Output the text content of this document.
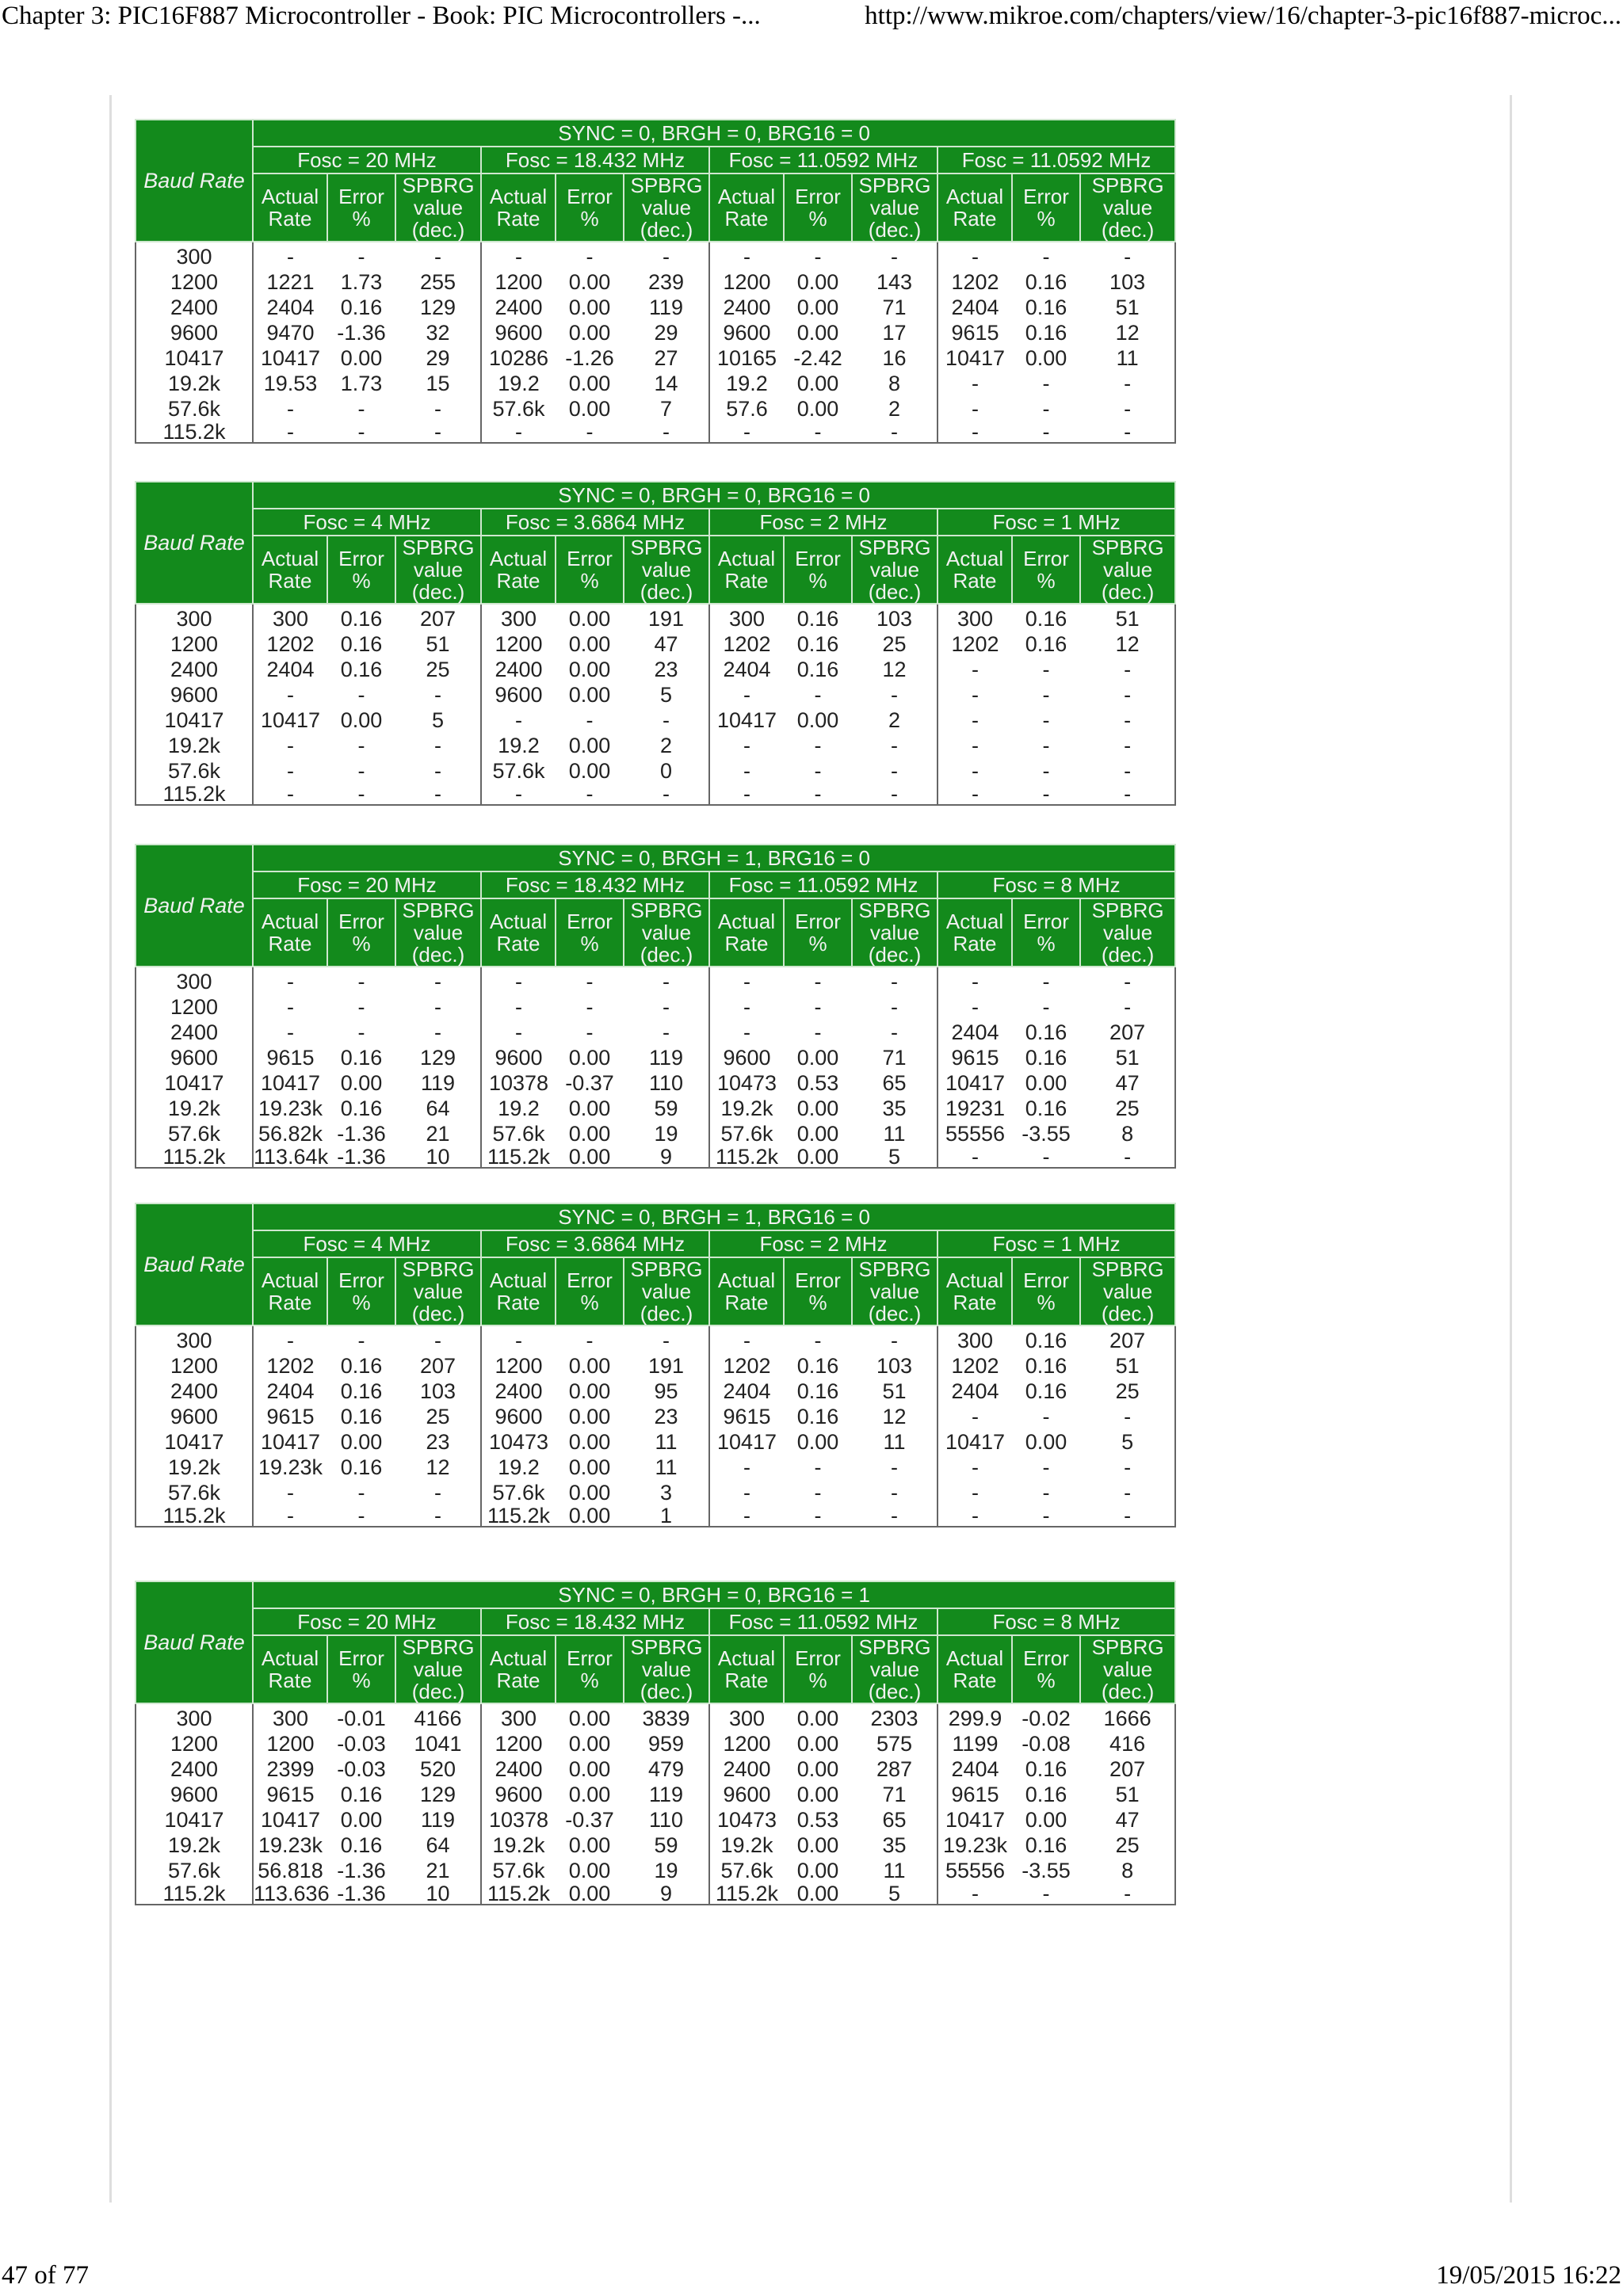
Chapter 3: PIC16F887 Microcontroller - Book: PIC Microcontrollers -...	http://www.mikroe.com/chapters/view/16/chapter-3-pic16f887-microc...
Baud Rate	SYNC = 0, BRGH = 0, BRG16 = 0											
	Fosc = 20 MHz			Fosc = 18.432 MHz			Fosc = 11.0592 MHz			Fosc = 11.0592 MHz		
	Actual
Rate	Error
%	SPBRG
value
(dec.)	Actual
Rate	Error
%	SPBRG
value
(dec.)	Actual
Rate	Error
%	SPBRG
value
(dec.)	Actual
Rate	Error
%	SPBRG
value
(dec.)
300	-	-	-	-	-	-	-	-	-	-	-	-
1200	1221	1.73	255	1200	0.00	239	1200	0.00	143	1202	0.16	103
2400	2404	0.16	129	2400	0.00	119	2400	0.00	71	2404	0.16	51
9600	9470	-1.36	32	9600	0.00	29	9600	0.00	17	9615	0.16	12
10417	10417	0.00	29	10286	-1.26	27	10165	-2.42	16	10417	0.00	11
19.2k	19.53	1.73	15	19.2	0.00	14	19.2	0.00	8	-	-	-
57.6k	-	-	-	57.6k	0.00	7	57.6	0.00	2	-	-	-
115.2k	-	-	-	-	-	-	-	-	-	-	-	-
Baud Rate	SYNC = 0, BRGH = 0, BRG16 = 0											
	Fosc = 4 MHz			Fosc = 3.6864 MHz			Fosc = 2 MHz			Fosc = 1 MHz		
	Actual
Rate	Error
%	SPBRG
value
(dec.)	Actual
Rate	Error
%	SPBRG
value
(dec.)	Actual
Rate	Error
%	SPBRG
value
(dec.)	Actual
Rate	Error
%	SPBRG
value
(dec.)
300	300	0.16	207	300	0.00	191	300	0.16	103	300	0.16	51
1200	1202	0.16	51	1200	0.00	47	1202	0.16	25	1202	0.16	12
2400	2404	0.16	25	2400	0.00	23	2404	0.16	12	-	-	-
9600	-	-	-	9600	0.00	5	-	-	-	-	-	-
10417	10417	0.00	5	-	-	-	10417	0.00	2	-	-	-
19.2k	-	-	-	19.2	0.00	2	-	-	-	-	-	-
57.6k	-	-	-	57.6k	0.00	0	-	-	-	-	-	-
115.2k	-	-	-	-	-	-	-	-	-	-	-	-
Baud Rate	SYNC = 0, BRGH = 1, BRG16 = 0											
	Fosc = 20 MHz			Fosc = 18.432 MHz			Fosc = 11.0592 MHz			Fosc = 8 MHz		
	Actual
Rate	Error
%	SPBRG
value
(dec.)	Actual
Rate	Error
%	SPBRG
value
(dec.)	Actual
Rate	Error
%	SPBRG
value
(dec.)	Actual
Rate	Error
%	SPBRG
value
(dec.)
300	-	-	-	-	-	-	-	-	-	-	-	-
1200	-	-	-	-	-	-	-	-	-	-	-	-
2400	-	-	-	-	-	-	-	-	-	2404	0.16	207
9600	9615	0.16	129	9600	0.00	119	9600	0.00	71	9615	0.16	51
10417	10417	0.00	119	10378	-0.37	110	10473	0.53	65	10417	0.00	47
19.2k	19.23k	0.16	64	19.2	0.00	59	19.2k	0.00	35	19231	0.16	25
57.6k	56.82k	-1.36	21	57.6k	0.00	19	57.6k	0.00	11	55556	-3.55	8
115.2k	113.64k	-1.36	10	115.2k	0.00	9	115.2k	0.00	5	-	-	-
Baud Rate	SYNC = 0, BRGH = 1, BRG16 = 0											
	Fosc = 4 MHz			Fosc = 3.6864 MHz			Fosc = 2 MHz			Fosc = 1 MHz		
	Actual
Rate	Error
%	SPBRG
value
(dec.)	Actual
Rate	Error
%	SPBRG
value
(dec.)	Actual
Rate	Error
%	SPBRG
value
(dec.)	Actual
Rate	Error
%	SPBRG
value
(dec.)
300	-	-	-	-	-	-	-	-	-	300	0.16	207
1200	1202	0.16	207	1200	0.00	191	1202	0.16	103	1202	0.16	51
2400	2404	0.16	103	2400	0.00	95	2404	0.16	51	2404	0.16	25
9600	9615	0.16	25	9600	0.00	23	9615	0.16	12	-	-	-
10417	10417	0.00	23	10473	0.00	11	10417	0.00	11	10417	0.00	5
19.2k	19.23k	0.16	12	19.2	0.00	11	-	-	-	-	-	-
57.6k	-	-	-	57.6k	0.00	3	-	-	-	-	-	-
115.2k	-	-	-	115.2k	0.00	1	-	-	-	-	-	-
Baud Rate	SYNC = 0, BRGH = 0, BRG16 = 1											
	Fosc = 20 MHz			Fosc = 18.432 MHz			Fosc = 11.0592 MHz			Fosc = 8 MHz		
	Actual
Rate	Error
%	SPBRG
value
(dec.)	Actual
Rate	Error
%	SPBRG
value
(dec.)	Actual
Rate	Error
%	SPBRG
value
(dec.)	Actual
Rate	Error
%	SPBRG
value
(dec.)
300	300	-0.01	4166	300	0.00	3839	300	0.00	2303	299.9	-0.02	1666
1200	1200	-0.03	1041	1200	0.00	959	1200	0.00	575	1199	-0.08	416
2400	2399	-0.03	520	2400	0.00	479	2400	0.00	287	2404	0.16	207
9600	9615	0.16	129	9600	0.00	119	9600	0.00	71	9615	0.16	51
10417	10417	0.00	119	10378	-0.37	110	10473	0.53	65	10417	0.00	47
19.2k	19.23k	0.16	64	19.2k	0.00	59	19.2k	0.00	35	19.23k	0.16	25
57.6k	56.818	-1.36	21	57.6k	0.00	19	57.6k	0.00	11	55556	-3.55	8
115.2k	113.636	-1.36	10	115.2k	0.00	9	115.2k	0.00	5	-	-	-
47 of 77	19/05/2015 16:22
